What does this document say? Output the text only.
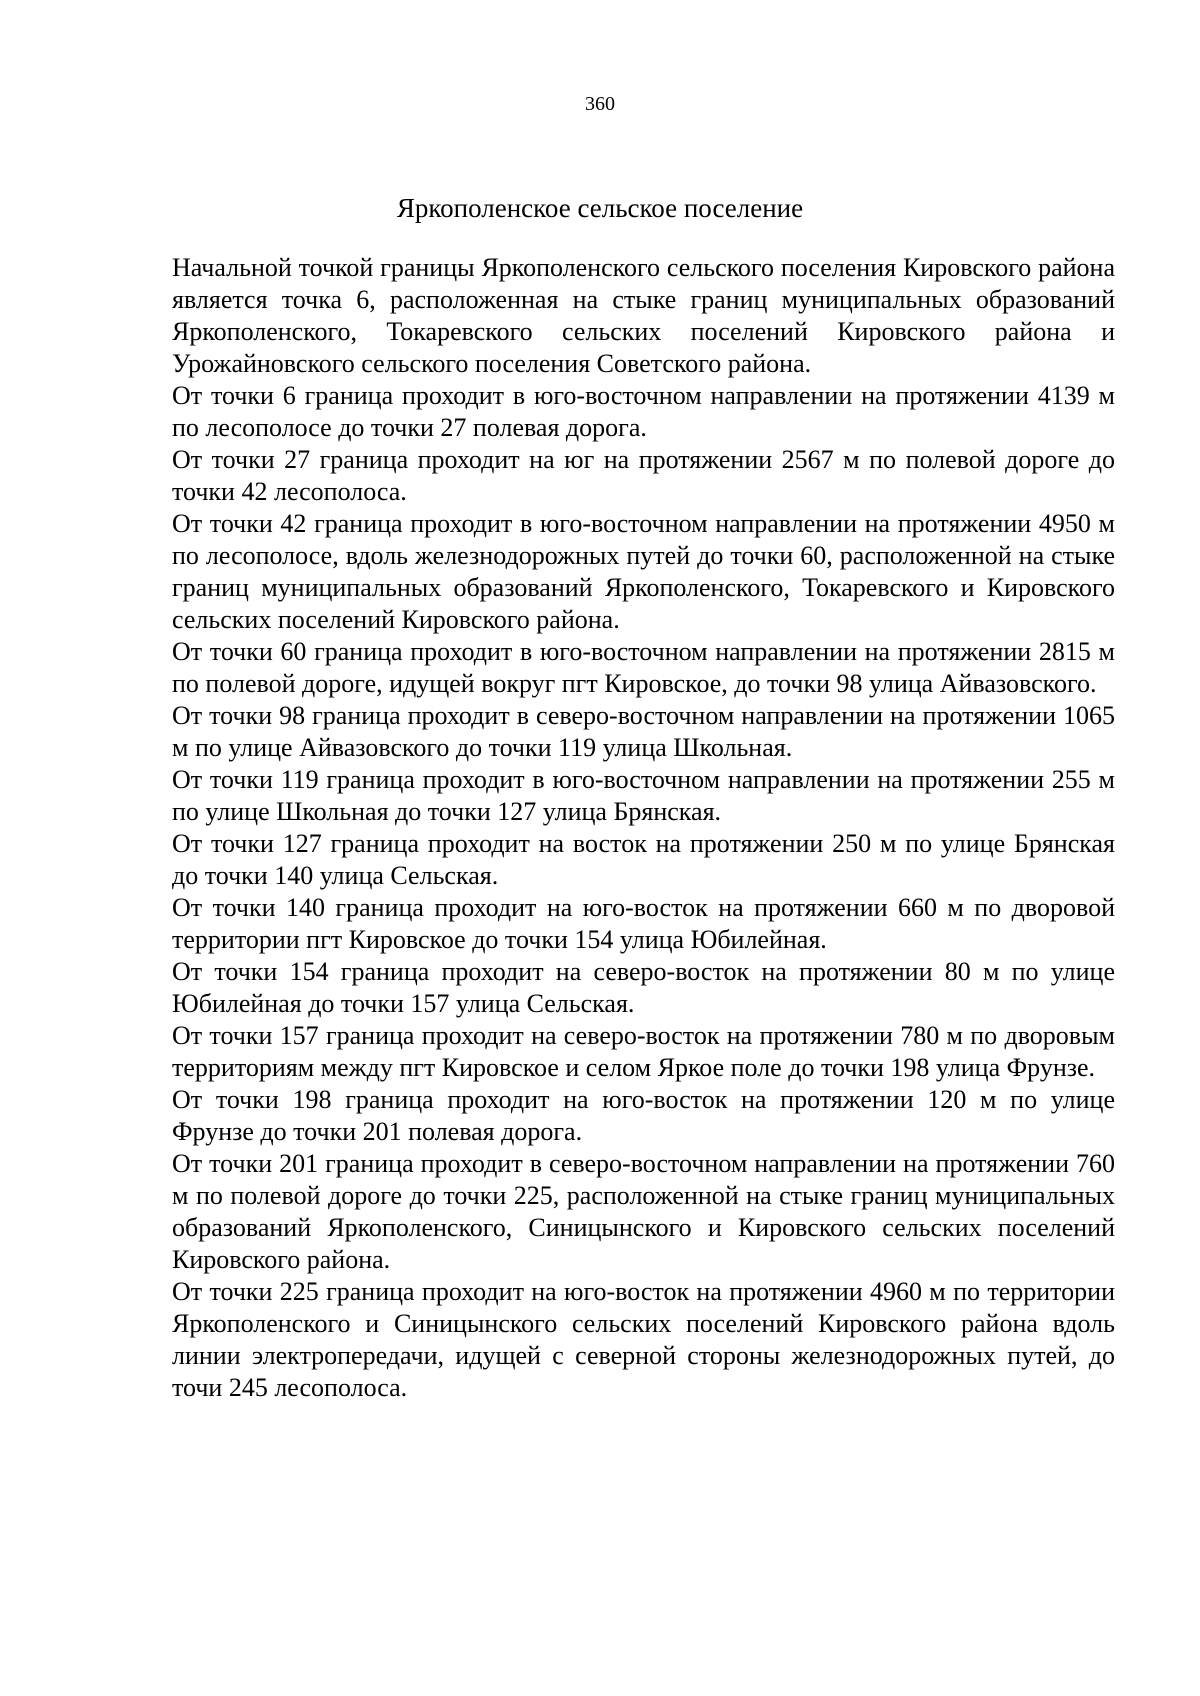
360
Яркополенское сельское поселение

Начальной точкой границы Яркополенского сельского поселения Кировского района является точка 6, расположенная на стыке границ муниципальных образований Яркополенского, Токаревского сельских поселений Кировского района и Урожайновского сельского поселения Советского района.

От точки 6 граница проходит в юго-восточном направлении на протяжении 4139 м по лесополосе до точки 27 полевая дорога.

От точки 27 граница проходит на юг на протяжении 2567 м по полевой дороге до точки 42 лесополоса.

От точки 42 граница проходит в юго-восточном направлении на протяжении 4950 м по лесополосе, вдоль железнодорожных путей до точки 60, расположенной на стыке границ муниципальных образований Яркополенского, Токаревского и Кировского сельских поселений Кировского района.

От точки 60 граница проходит в юго-восточном направлении на протяжении 2815 м по полевой дороге, идущей вокруг пгт Кировское, до точки 98 улица Айвазовского.

От точки 98 граница проходит в северо-восточном направлении на протяжении 1065 м по улице Айвазовского до точки 119 улица Школьная.

От точки 119 граница проходит в юго-восточном направлении на протяжении 255 м по улице Школьная до точки 127 улица Брянская.

От точки 127 граница проходит на восток на протяжении 250 м по улице Брянская до точки 140 улица Сельская.

От точки 140 граница проходит на юго-восток на протяжении 660 м по дворовой территории пгт Кировское до точки 154 улица Юбилейная.

От точки 154 граница проходит на северо-восток на протяжении 80 м по улице Юбилейная до точки 157 улица Сельская.

От точки 157 граница проходит на северо-восток на протяжении 780 м по дворовым территориям между пгт Кировское и селом Яркое поле до точки 198 улица Фрунзе.

От точки 198 граница проходит на юго-восток на протяжении 120 м по улице Фрунзе до точки 201 полевая дорога.

От точки 201 граница проходит в северо-восточном направлении на протяжении 760 м по полевой дороге до точки 225, расположенной на стыке границ муниципальных образований Яркополенского, Синицынского и Кировского сельских поселений Кировского района.

От точки 225 граница проходит на юго-восток на протяжении 4960 м по территории Яркополенского и Синицынского сельских поселений Кировского района вдоль линии электропередачи, идущей с северной стороны железнодорожных путей, до точи 245 лесополоса.
